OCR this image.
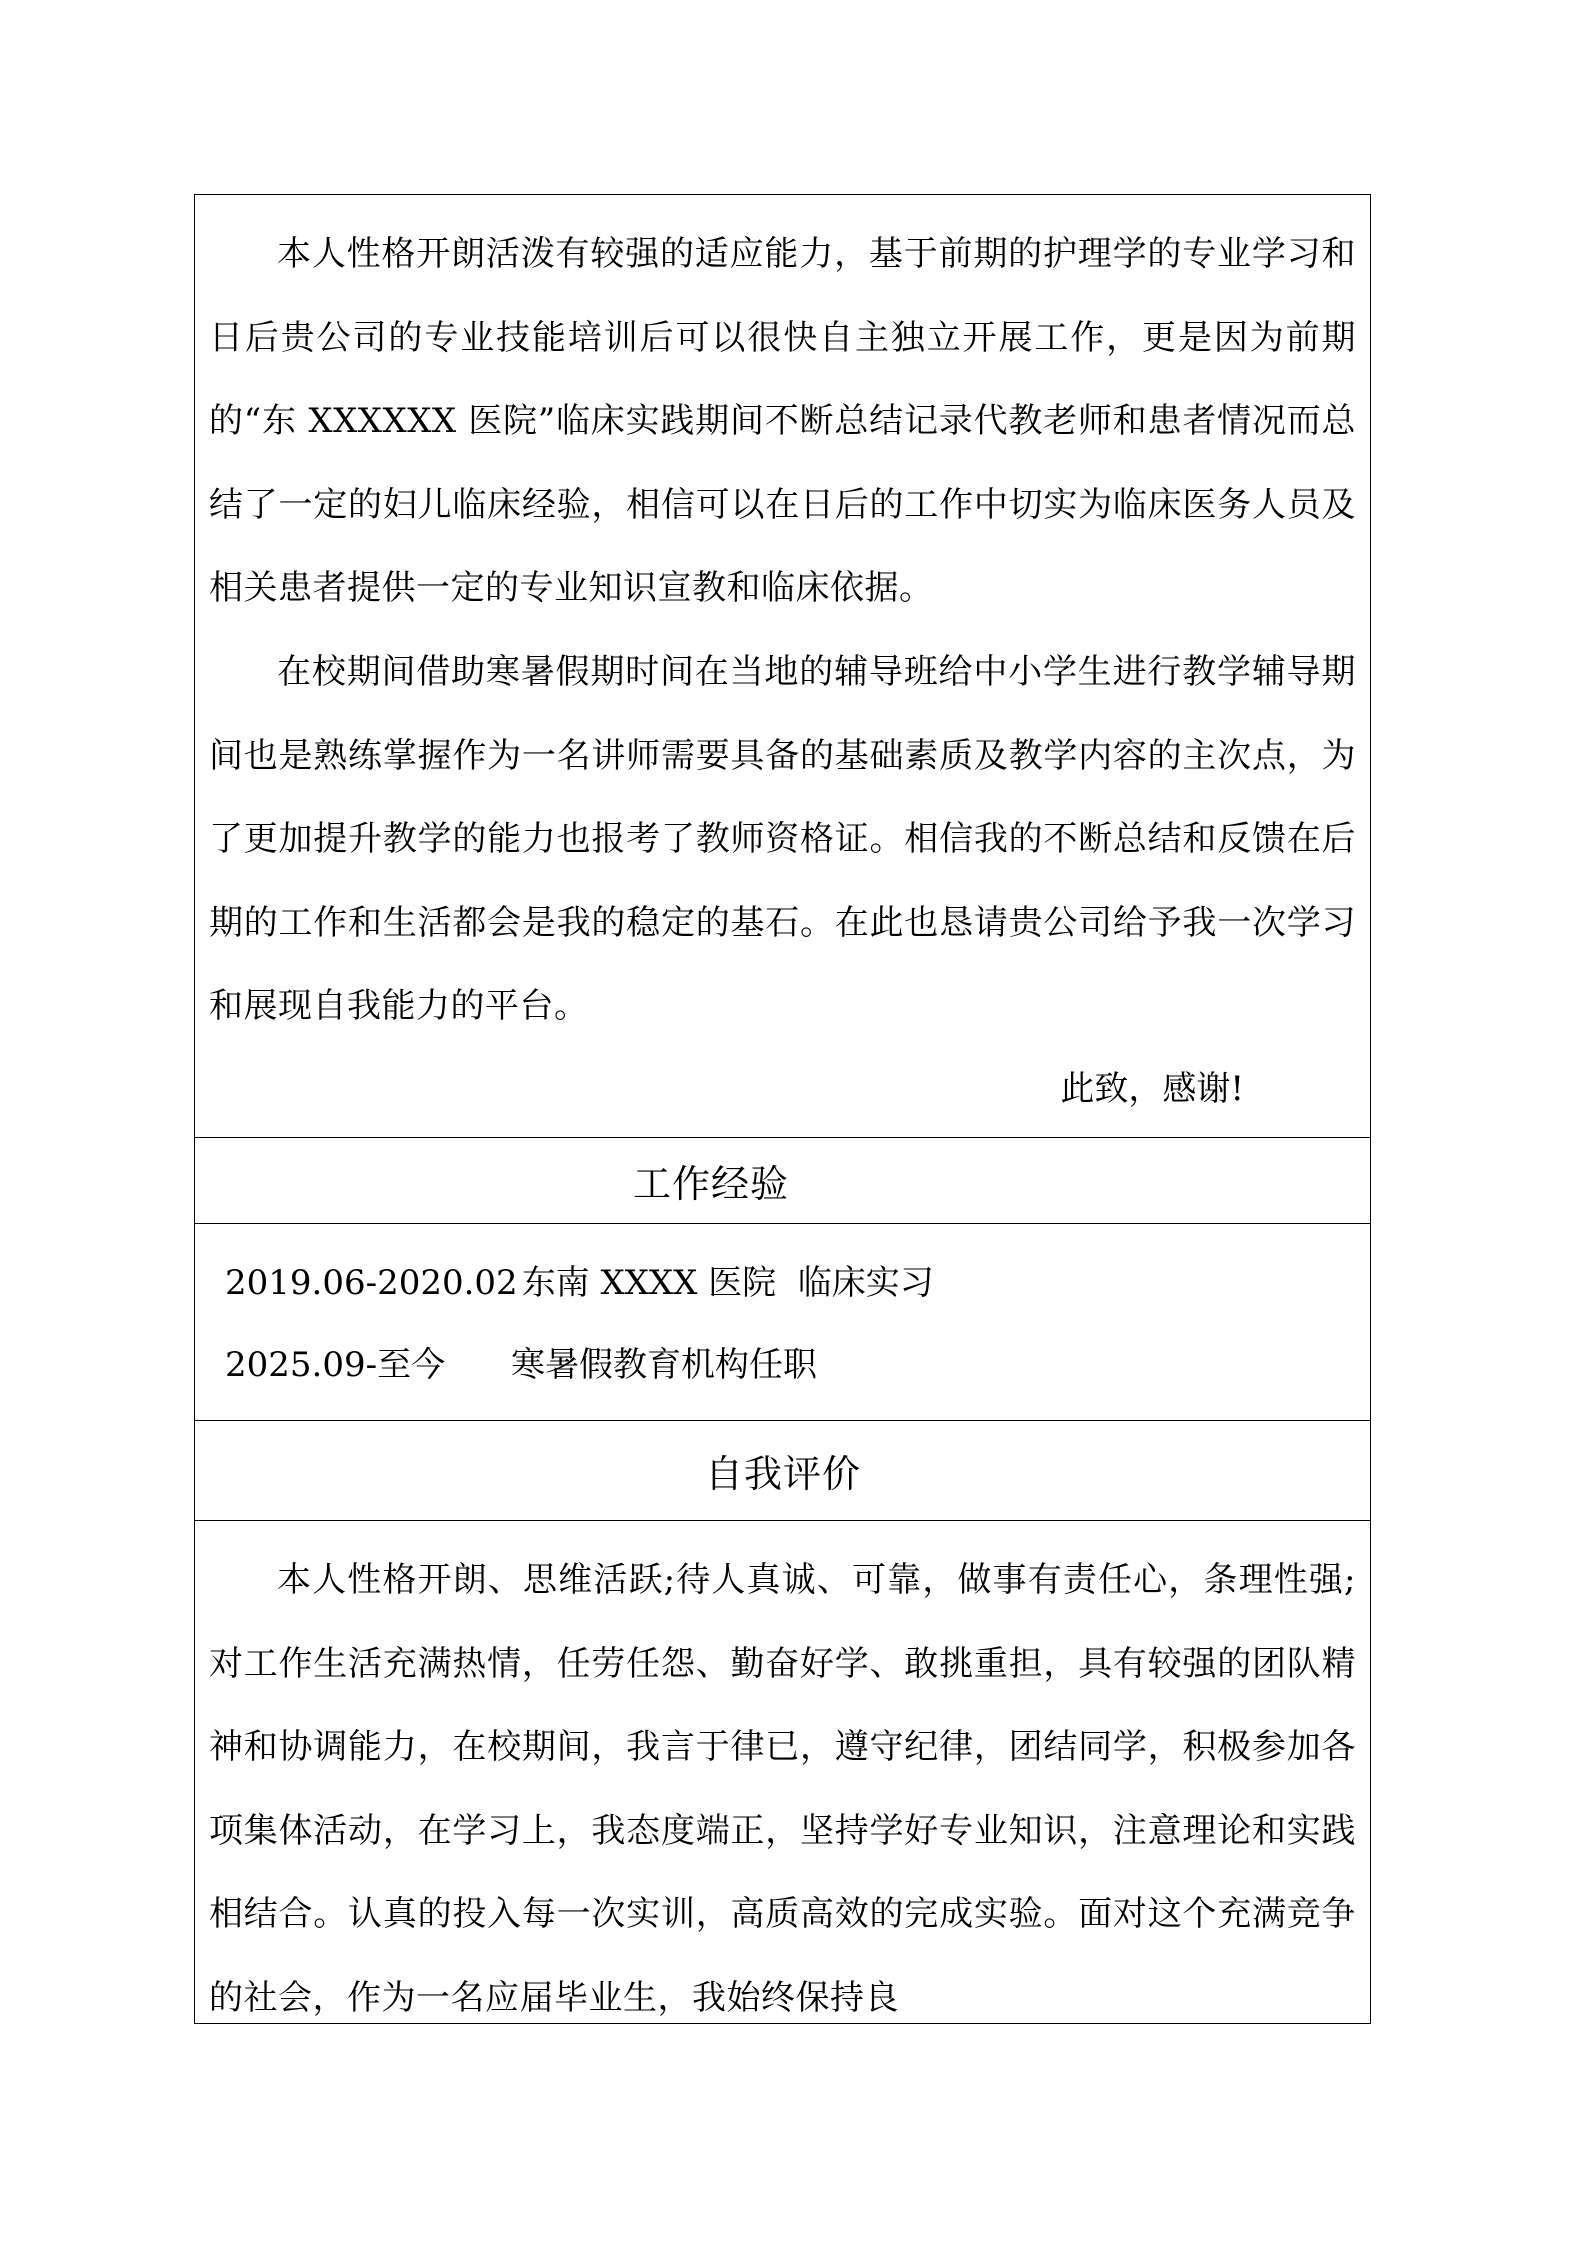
本人性格开朗活泼有较强的适应能力，基于前期的护理学的专业学习和日后贵公司的专业技能培训后可以很快自主独立开展工作，更是因为前期的“东 XXXXXX 医院”临床实践期间不断总结记录代教老师和患者情况而总结了一定的妇儿临床经验，相信可以在日后的工作中切实为临床医务人员及相关患者提供一定的专业知识宣教和临床依据。

在校期间借助寒暑假期时间在当地的辅导班给中小学生进行教学辅导期间也是熟练掌握作为一名讲师需要具备的基础素质及教学内容的主次点，为了更加提升教学的能力也报考了教师资格证。相信我的不断总结和反馈在后期的工作和生活都会是我的稳定的基石。在此也恳请贵公司给予我一次学习和展现自我能力的平台。

此致，感谢!

工作经验
2019.06-2020.02 东南 XXXX 医院  临床实习
2025.09-至今	寒暑假教育机构任职
自我评价

本人性格开朗、思维活跃;待人真诚、可靠，做事有责任心，条理性强;对工作生活充满热情，任劳任怨、勤奋好学、敢挑重担，具有较强的团队精神和协调能力，在校期间，我言于律已，遵守纪律，团结同学，积极参加各项集体活动，在学习上，我态度端正，坚持学好专业知识，注意理论和实践相结合。认真的投入每一次实训，高质高效的完成实验。面对这个充满竞争的社会，作为一名应届毕业生，我始终保持良
